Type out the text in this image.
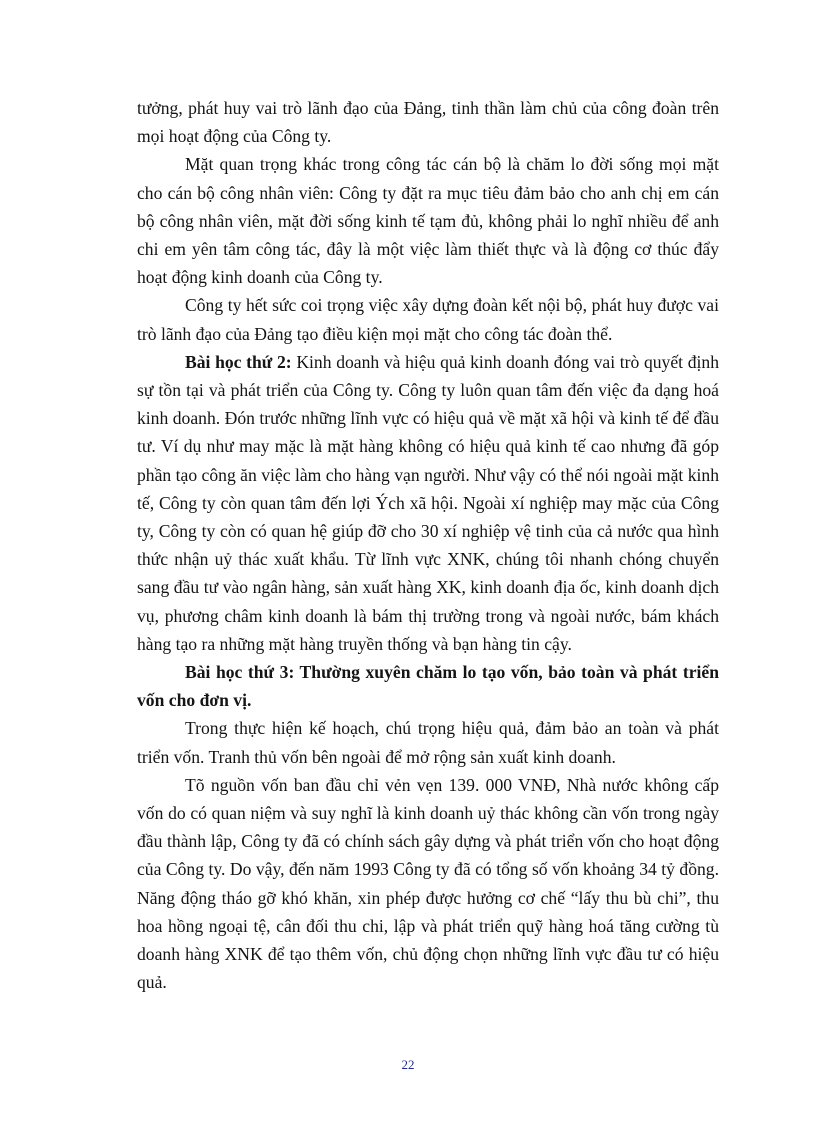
tưởng, phát huy vai trò lãnh đạo của Đảng, tinh thần làm chủ của công đoàn trên mọi hoạt động của Công ty.

Mặt quan trọng khác trong công tác cán bộ là chăm lo đời sống mọi mặt cho cán bộ công nhân viên: Công ty đặt ra mục tiêu đảm bảo cho anh chị em cán bộ công nhân viên, mặt đời sống kinh tế tạm đủ, không phải lo nghĩ nhiều để anh chi em yên tâm công tác, đây là một việc làm thiết thực và là động cơ thúc đẩy hoạt động kinh doanh của Công ty.

Công ty hết sức coi trọng việc xây dựng đoàn kết nội bộ, phát huy được vai trò lãnh đạo của Đảng tạo điều kiện mọi mặt cho công tác đoàn thể.

Bài học thứ 2: Kinh doanh và hiệu quả kinh doanh đóng vai trò quyết định sự tồn tại và phát triển của Công ty. Công ty luôn quan tâm đến việc đa dạng hoá kinh doanh. Đón trước những lĩnh vực có hiệu quả về mặt xã hội và kinh tế để đầu tư. Ví dụ như may mặc là mặt hàng không có hiệu quả kinh tế cao nhưng đã góp phần tạo công ăn việc làm cho hàng vạn người. Như vậy có thể nói ngoài mặt kinh tế, Công ty còn quan tâm đến lợi Ých xã hội. Ngoài xí nghiệp may mặc của Công ty, Công ty còn có quan hệ giúp đỡ cho 30 xí nghiệp vệ tinh của cả nước qua hình thức nhận uỷ thác xuất khẩu. Từ lĩnh vực XNK, chúng tôi nhanh chóng chuyển sang đầu tư vào ngân hàng, sản xuất hàng XK, kinh doanh địa ốc, kinh doanh dịch vụ, phương châm kinh doanh là bám thị trường trong và ngoài nước, bám khách hàng tạo ra những mặt hàng truyền thống và bạn hàng tin cậy.

Bài học thứ 3: Thường xuyên chăm lo tạo vốn, bảo toàn và phát triển vốn cho đơn vị.

Trong thực hiện kế hoạch, chú trọng hiệu quả, đảm bảo an toàn và phát triển vốn. Tranh thủ vốn bên ngoài để mở rộng sản xuất kinh doanh.

Tõ nguồn vốn ban đầu chỉ vẻn vẹn 139. 000 VNĐ, Nhà nước không cấp vốn do có quan niệm và suy nghĩ là kinh doanh uỷ thác không cần vốn trong ngày đầu thành lập, Công ty đã có chính sách gây dựng và phát triển vốn cho hoạt động của Công ty. Do vậy, đến năm 1993 Công ty đã có tổng số vốn khoảng 34 tỷ đồng. Năng động tháo gỡ khó khăn, xin phép được hưởng cơ chế “lấy thu bù chi”, thu hoa hồng ngoại tệ, cân đối thu chi, lập và phát triển quỹ hàng hoá tăng cường tù doanh hàng XNK để tạo thêm vốn, chủ động chọn những lĩnh vực đầu tư có hiệu quả.

22
